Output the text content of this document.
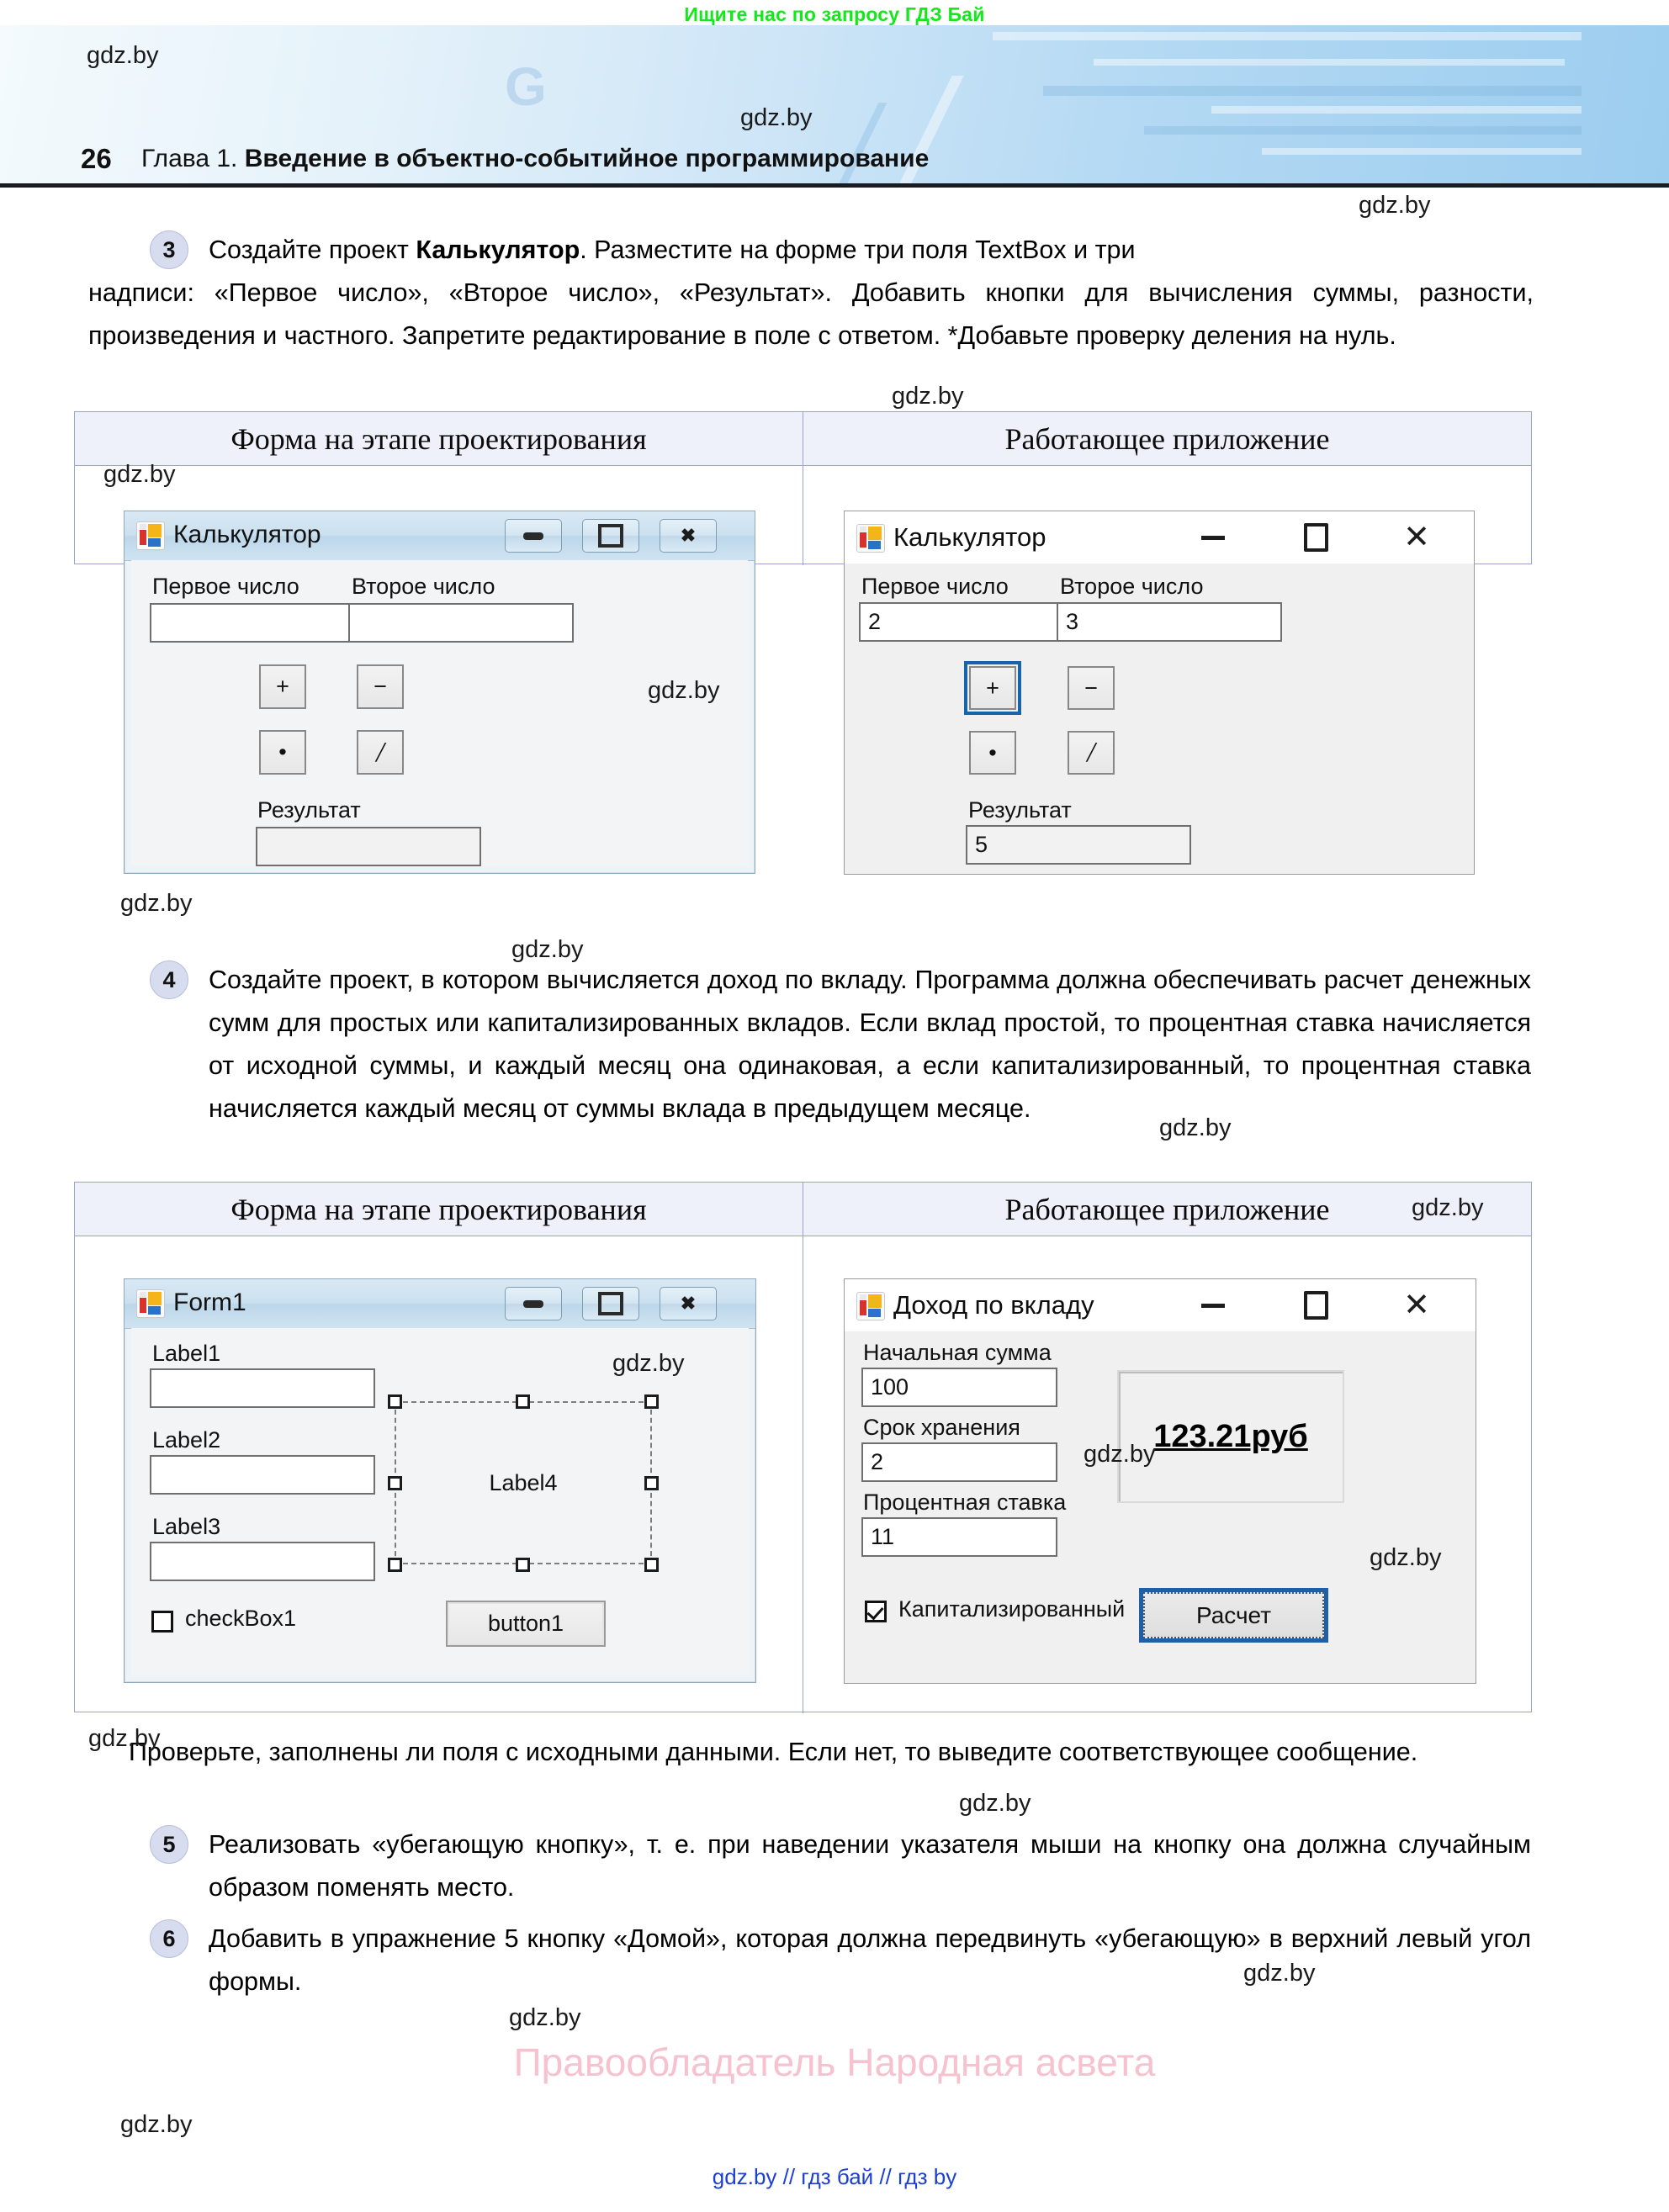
Ищите нас по запросу ГДЗ Бай
G
gdz.by
gdz.by
26 Глава 1. Введение в объектно-событийное программирование
3	Создайте проект Калькулятор. Разместите на форме три поля TextBox и три
надписи: «Первое число», «Второе число», «Результат». Добавить кнопки для вычисления суммы, разности, произведения и частного. Запретите редактирование в поле с ответом. *Добавьте проверку деления на нуль.
Форма на этапе проектирования	Работающее приложение
Калькулятор	✖
Первое число Второе число
+	−
•	/
Результат
Калькулятор	✕
Первое число
2
Второе число
3
+	−
•	/
Результат
5
4	Создайте проект, в котором вычисляется доход по вкладу. Программа должна обеспечивать расчет денежных сумм для простых или капитализированных вкладов. Если вклад простой, то процентная ставка начисляется от исходной суммы, и каждый месяц она одинаковая, а если капитализированный, то процентная ставка начисляется каждый месяц от суммы вклада в предыдущем месяце.
Форма на этапе проектирования	Работающее приложение
Form1	✖
Label1
Label2
Label3
checkBox1
Label4
button1
Доход по вкладу	✕
Начальная сумма
100
Срок хранения
2
Процентная ставка
11
123.21руб
Капитализированный	Расчет
Проверьте, заполнены ли поля с исходными данными. Если нет, то выведите соответствующее сообщение.
5	Реализовать «убегающую кнопку», т. е. при наведении указателя мыши на кнопку она должна случайным образом поменять место.
6	Добавить в упражнение 5 кнопку «Домой», которая должна передвинуть «убегающую» в верхний левый угол формы.
Правообладатель Народная асвета
gdz.by // гдз бай // гдз by
gdz.by
gdz.by
gdz.by
gdz.by
gdz.by
gdz.by
gdz.by
gdz.by
gdz.by
gdz.by
gdz.by
gdz.by
gdz.by
gdz.by
gdz.by
gdz.by
